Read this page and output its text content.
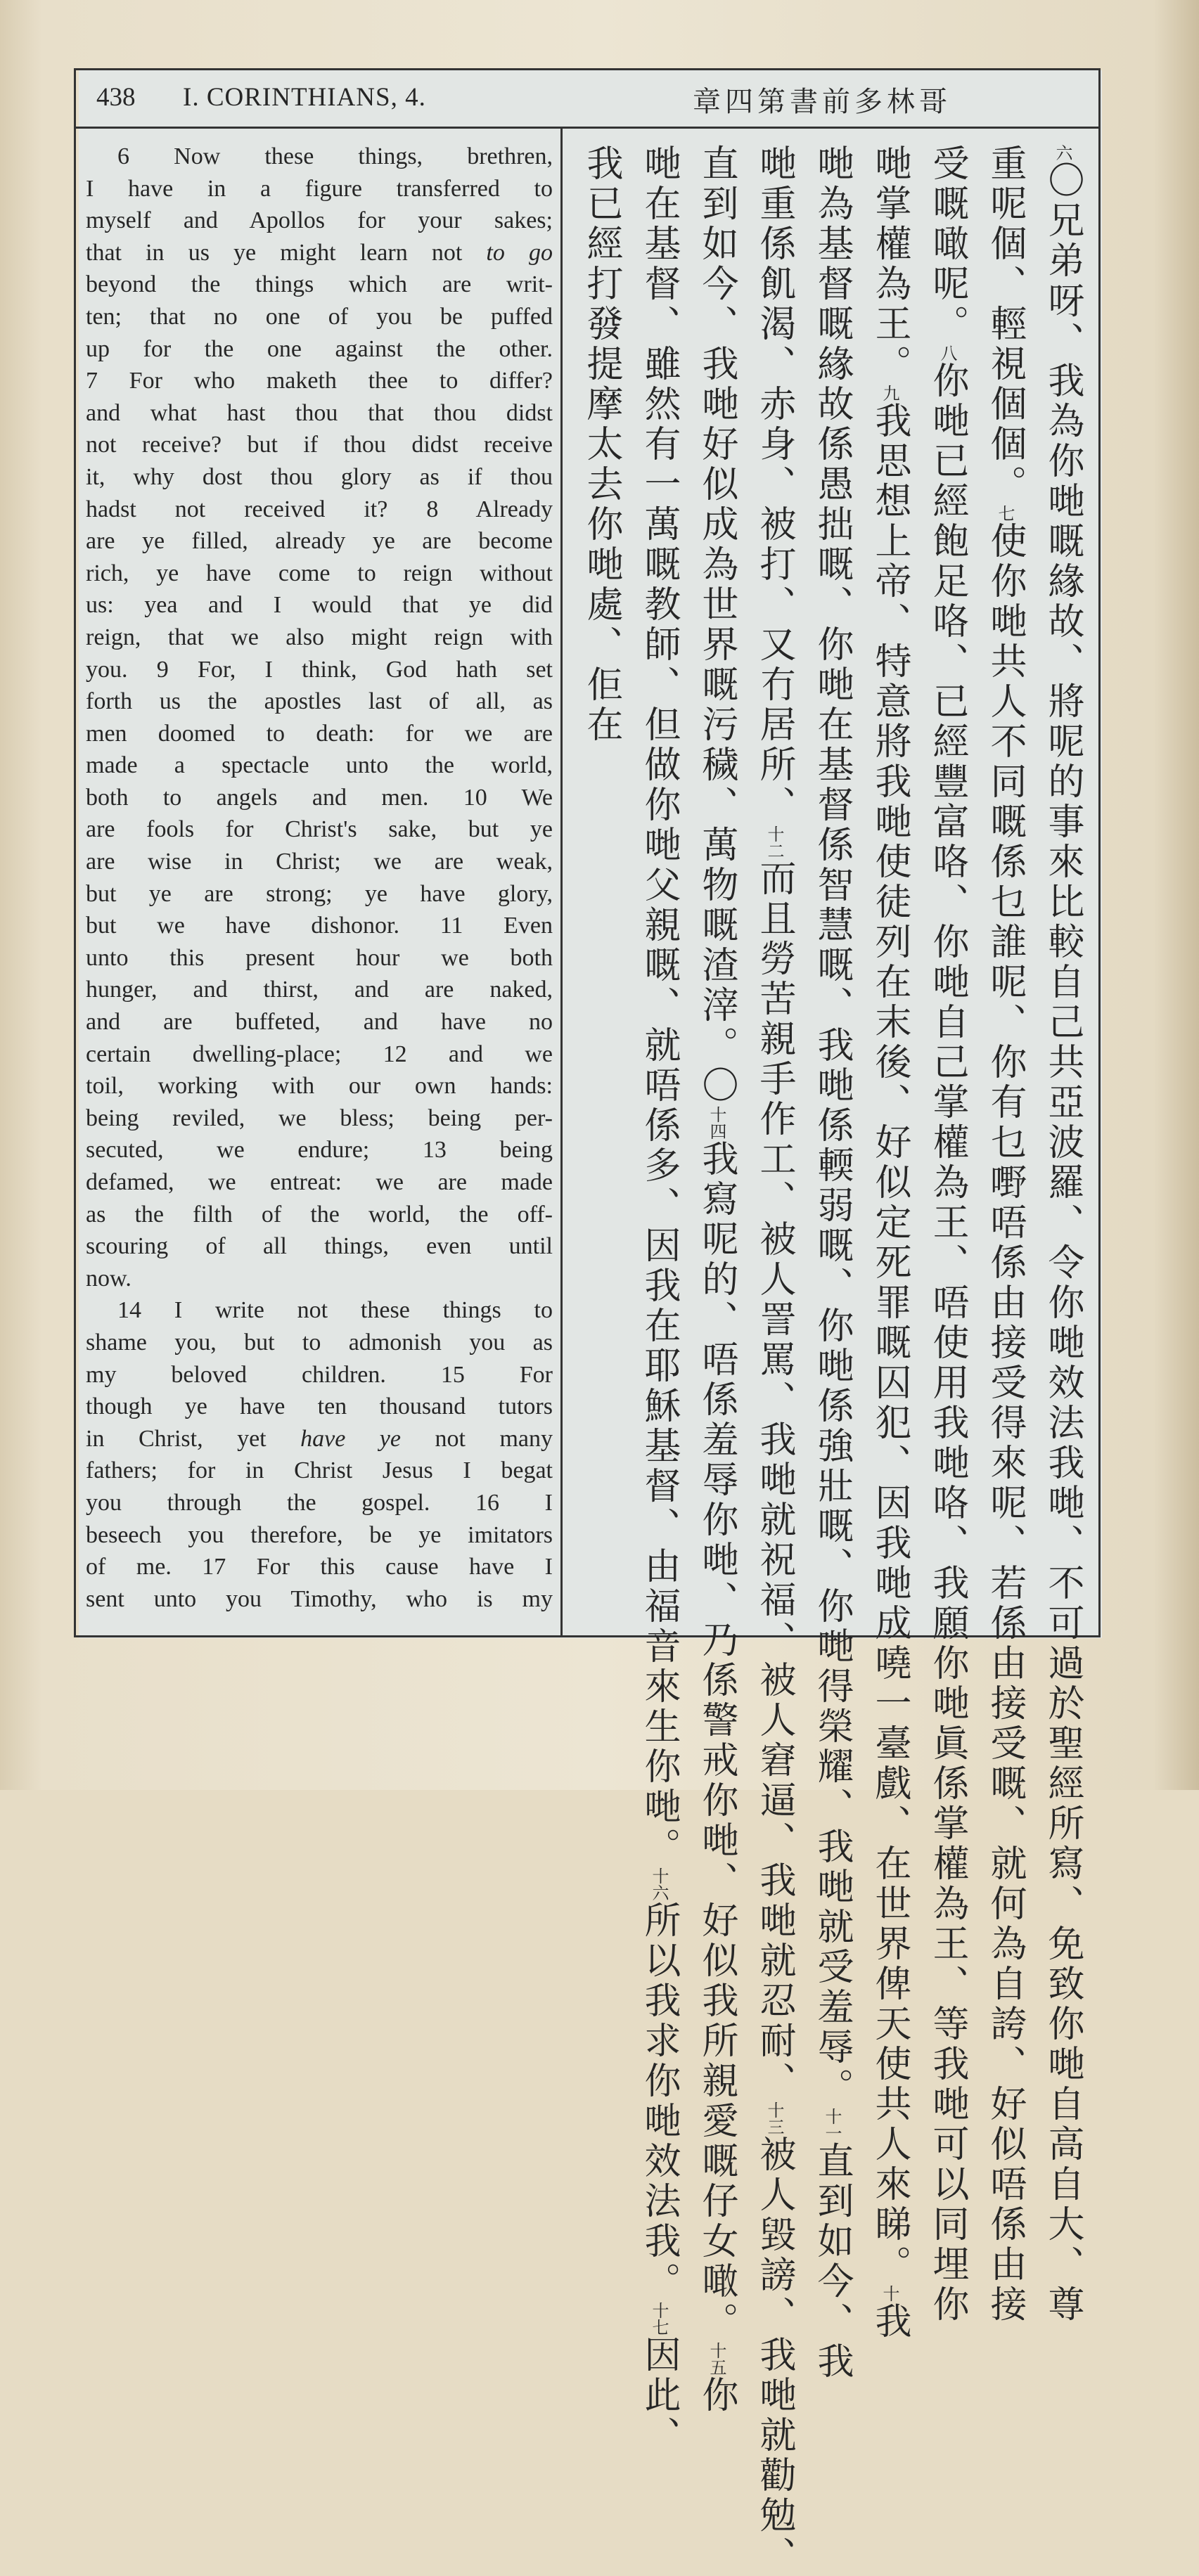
438 I. CORINTHIANS, 4.	章四第書前多林哥
6 Now these things, brethren,
I have in a figure transferred to
myself and Apollos for your sakes;
that in us ye might learn not to go
beyond the things which are writ-
ten; that no one of you be puffed
up for the one against the other.
7 For who maketh thee to differ?
and what hast thou that thou didst
not receive? but if thou didst receive
it, why dost thou glory as if thou
hadst not received it? 8 Already
are ye filled, already ye are become
rich, ye have come to reign without
us: yea and I would that ye did
reign, that we also might reign with
you. 9 For, I think, God hath set
forth us the apostles last of all, as
men doomed to death: for we are
made a spectacle unto the world,
both to angels and men. 10 We
are fools for Christ's sake, but ye
are wise in Christ; we are weak,
but ye are strong; ye have glory,
but we have dishonor. 11 Even
unto this present hour we both
hunger, and thirst, and are naked,
and are buffeted, and have no
certain dwelling-place; 12 and we
toil, working with our own hands:
being reviled, we bless; being per-
secuted, we endure; 13 being
defamed, we entreat: we are made
as the filth of the world, the off-
scouring of all things, even until
now.
14 I write not these things to
shame you, but to admonish you as
my beloved children. 15 For
though ye have ten thousand tutors
in Christ, yet have ye not many
fathers; for in Christ Jesus I begat
you through the gospel. 16 I
beseech you therefore, be ye imitators
of me. 17 For this cause have I
sent unto you Timothy, who is my
$^六$〇兄弟呀、我為你哋嘅緣故、將呢的事來比較自己共亞波羅、令你哋效法我哋、不可過於聖經所寫、免致你哋自高自大、尊
重呢個、輕視個個。$^七$使你哋共人不同嘅係乜誰呢、你有乜嘢唔係由接受得來呢、若係由接受嘅、就何為自誇、好似唔係由接
受嘅噉呢。$^八$你哋已經飽足咯、已經豐富咯、你哋自己掌權為王、唔使用我哋咯、我願你哋眞係掌權為王、等我哋可以同埋你
哋掌權為王。$^九$我思想上帝、特意將我哋使徒列在末後、好似定死罪嘅囚犯、因我哋成嘵一臺戲、在世界俾天使共人來睇。$^十$我
哋為基督嘅緣故係愚拙嘅、你哋在基督係智慧嘅、我哋係輭弱嘅、你哋係強壯嘅、你哋得榮耀、我哋就受羞辱。$^{十一}$直到如今、我
哋重係飢渴、赤身、被打、又冇居所、$^{十二}$而且勞苦親手作工、被人詈罵、我哋就祝福、被人窘逼、我哋就忍耐、$^{十三}$被人毀謗、我哋就勸勉、
直到如今、我哋好似成為世界嘅污穢、萬物嘅渣滓。〇$^{十四}$我寫呢的、唔係羞辱你哋、乃係警戒你哋、好似我所親愛嘅仔女噉。$^{十五}$你
哋在基督、雖然有一萬嘅教師、但做你哋父親嘅、就唔係多、因我在耶穌基督、由福音來生你哋。$^{十六}$所以我求你哋效法我。$^{十七}$因此、
我已經打發提摩太去你哋處、佢在
